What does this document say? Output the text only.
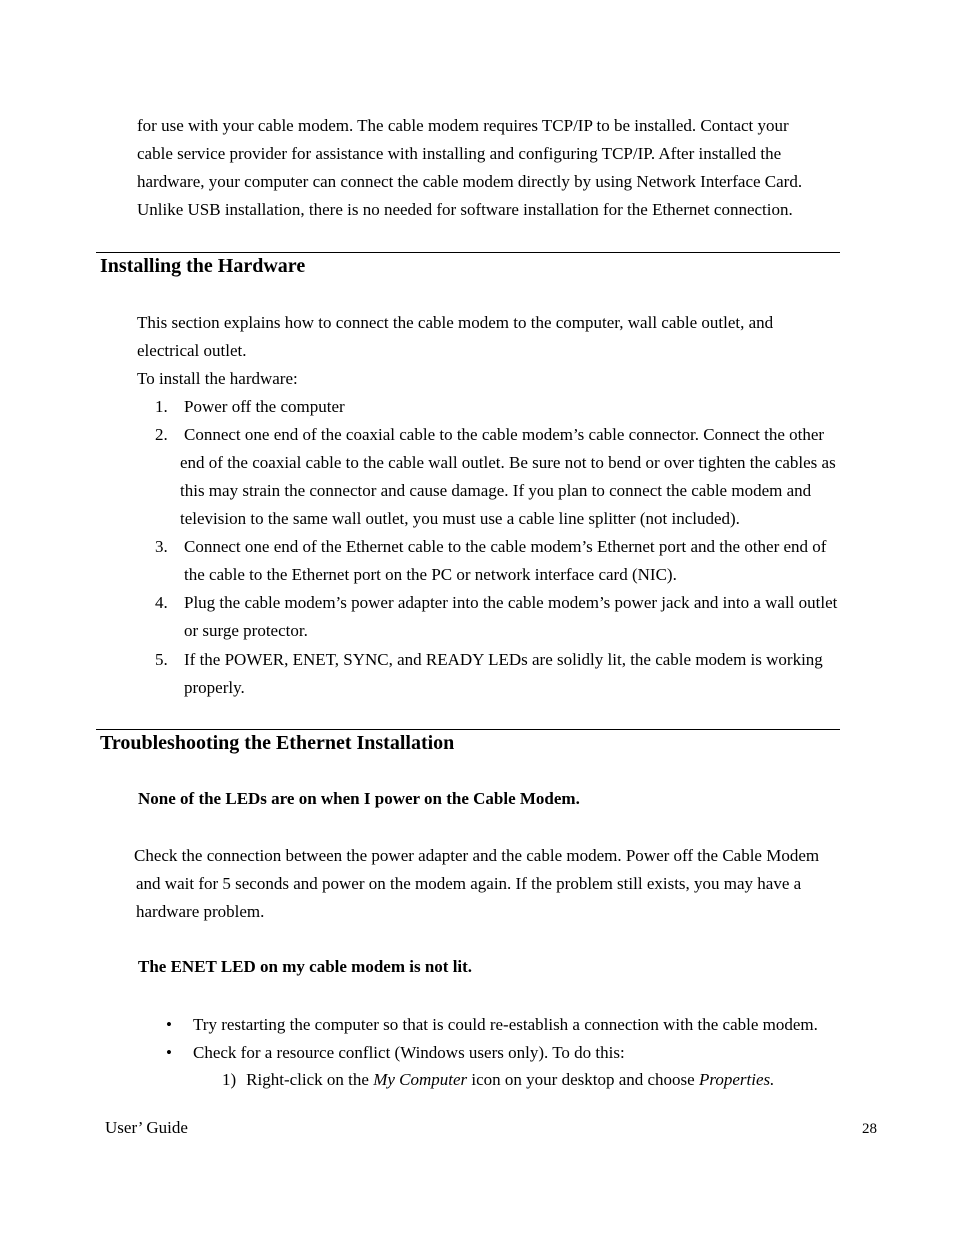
for use with your cable modem. The cable modem requires TCP/IP to be installed. Contact your
cable service provider for assistance with installing and configuring TCP/IP. After installed the
hardware, your computer can connect the cable modem directly by using Network Interface Card.
Unlike USB installation, there is no needed for software installation for the Ethernet connection.
Installing the Hardware
This section explains how to connect the cable modem to the computer, wall cable outlet, and
electrical outlet.
To install the hardware:
1. Power off the computer
2. Connect one end of the coaxial cable to the cable modem’s cable connector. Connect the other
end of the coaxial cable to the cable wall outlet. Be sure not to bend or over tighten the cables as
this may strain the connector and cause damage. If you plan to connect the cable modem and
television to the same wall outlet, you must use a cable line splitter (not included).
3. Connect one end of the Ethernet cable to the cable modem’s Ethernet port and the other end of
the cable to the Ethernet port on the PC or network interface card (NIC).
4. Plug the cable modem’s power adapter into the cable modem’s power jack and into a wall outlet
or surge protector.
5. If the POWER, ENET, SYNC, and READY LEDs are solidly lit, the cable modem is working
properly.
Troubleshooting the Ethernet Installation

None of the LEDs are on when I power on the Cable Modem.

Check the connection between the power adapter and the cable modem. Power off the Cable Modem
and wait for 5 seconds and power on the modem again. If the problem still exists, you may have a
hardware problem.

The ENET LED on my cable modem is not lit.

• Try restarting the computer so that is could re-establish a connection with the cable modem.
• Check for a resource conflict (Windows users only). To do this:
1) Right-click on the My Computer icon on your desktop and choose Properties.
User’ Guide	28
